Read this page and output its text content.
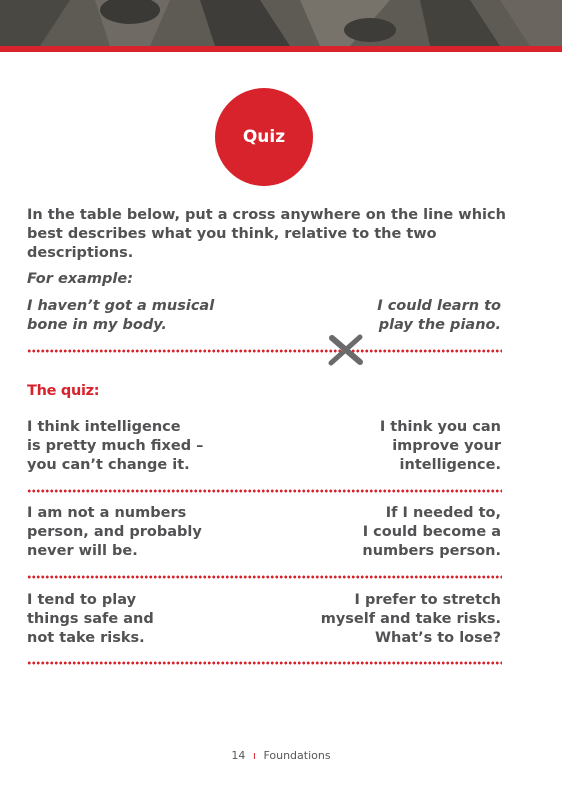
Quiz

In the table below, put a cross anywhere on the line which best describes what you think, relative to the two descriptions.

For example:
I haven’t got a musical
bone in my body.
I could learn to
play the piano.
The quiz:
I think intelligence
is pretty much fixed –
you can’t change it.
I think you can
improve your
intelligence.
I am not a numbers
person, and probably
never will be.
If I needed to,
I could become a
numbers person.
I tend to play
things safe and
not take risks.
I prefer to stretch
myself and take risks.
What’s to lose?
14 ı Foundations
